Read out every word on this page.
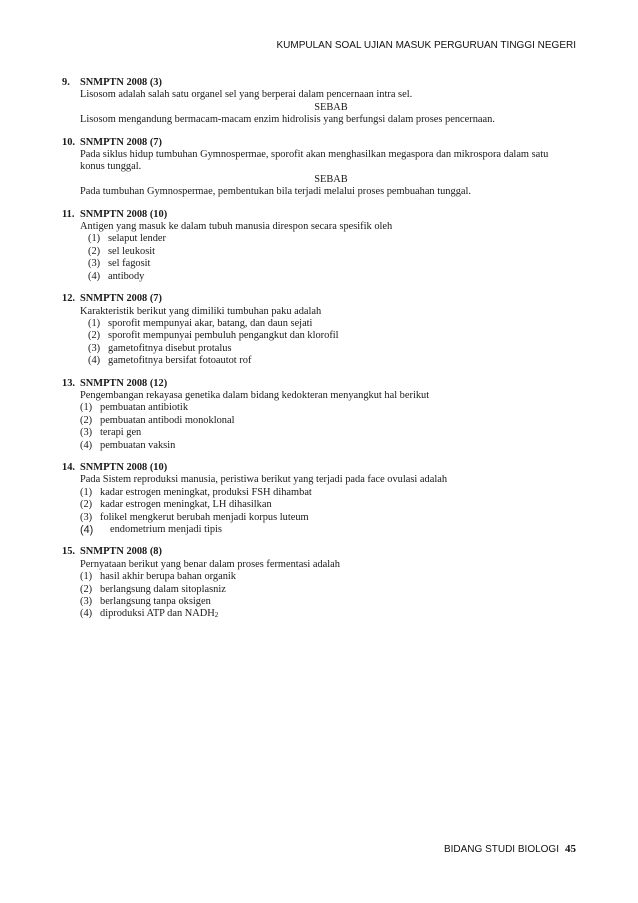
KUMPULAN SOAL UJIAN MASUK PERGURUAN TINGGI NEGERI
9. SNMPTN 2008 (3)
Lisosom adalah salah satu organel sel yang berperai dalam pencernaan intra sel.
SEBAB
Lisosom mengandung bermacam-macam enzim hidrolisis yang berfungsi dalam proses pencernaan.
10. SNMPTN 2008 (7)
Pada siklus hidup tumbuhan Gymnospermae, sporofit akan menghasilkan megaspora dan mikrospora dalam satu
konus tunggal.
SEBAB
Pada tumbuhan Gymnospermae, pembentukan bila terjadi melalui proses pembuahan tunggal.
11. SNMPTN 2008 (10)
Antigen yang masuk ke dalam tubuh manusia direspon secara spesifik oleh
(1) selaput lender
(2) sel leukosit
(3) sel fagosit
(4) antibody
12. SNMPTN 2008 (7)
Karakteristik berikut yang dimiliki tumbuhan paku adalah
(1) sporofit mempunyai akar, batang, dan daun sejati
(2) sporofit mempunyai pembuluh pengangkut dan klorofil
(3) gametofitnya disebut protalus
(4) gametofitnya bersifat fotoautot rof
13. SNMPTN 2008 (12)
Pengembangan rekayasa genetika dalam bidang kedokteran menyangkut hal berikut
(1) pembuatan antibiotik
(2) pembuatan antibodi monoklonal
(3) terapi gen
(4) pembuatan vaksin
14. SNMPTN 2008 (10)
Pada Sistem reproduksi manusia, peristiwa berikut yang terjadi pada face ovulasi adalah
(1) kadar estrogen meningkat, produksi FSH dihambat
(2) kadar estrogen meningkat, LH dihasilkan
(3) folikel mengkerut berubah menjadi korpus luteum
(4)	endometrium menjadi tipis
15. SNMPTN 2008 (8)
Pernyataan berikut yang benar dalam proses fermentasi adalah
(1) hasil akhir berupa bahan organik
(2) berlangsung dalam sitoplasniz
(3) berlangsung tanpa oksigen
(4) diproduksi ATP dan $NADH_2$
BIDANG STUDI BIOLOGI 45
